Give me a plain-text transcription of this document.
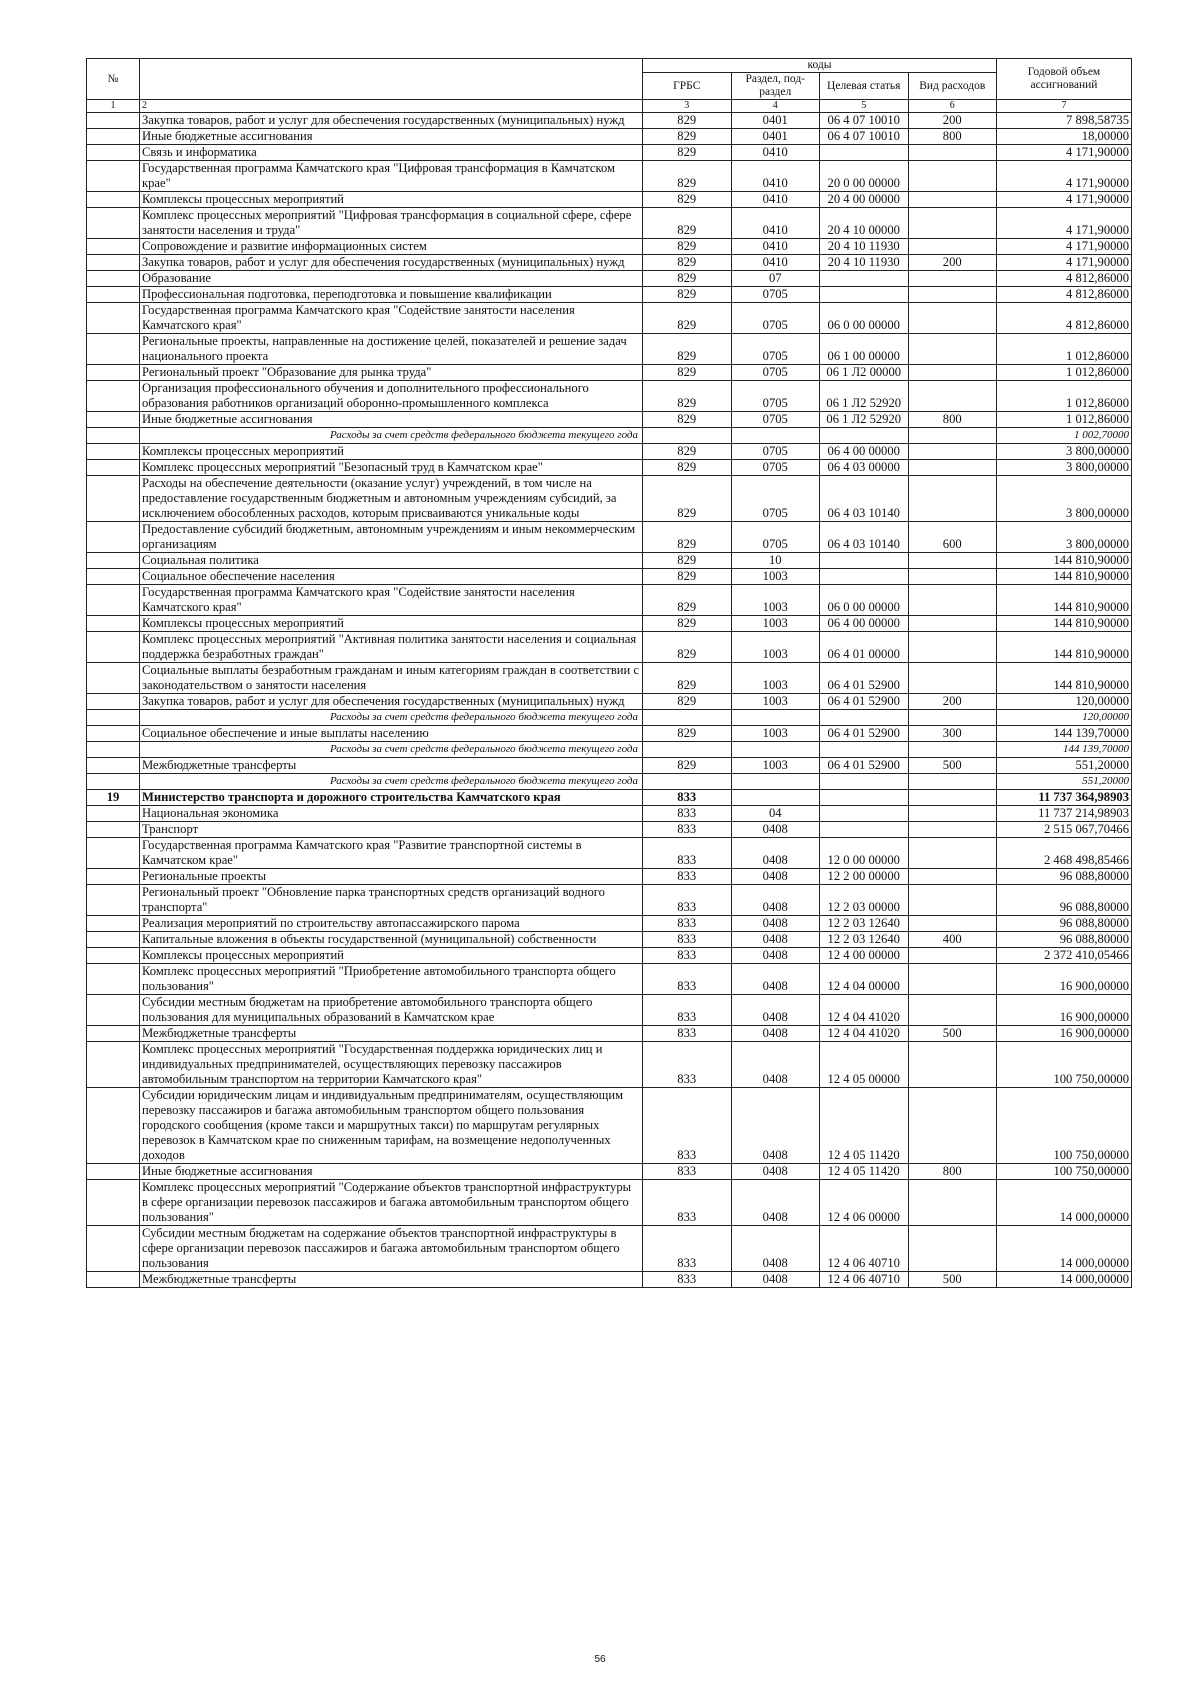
№		коды				Годовой объем ассигнований
		ГРБС	Раздел, под-раздел	Целевая статья	Вид расходов	
1	2	3	4	5	6	7
	Закупка товаров, работ и услуг для обеспечения государственных (муниципальных) нужд	829	0401	06 4 07 10010	200	7 898,58735
	Иные бюджетные ассигнования	829	0401	06 4 07 10010	800	18,00000
	Связь и информатика	829	0410			4 171,90000
	Государственная программа Камчатского края "Цифровая трансформация в Камчатском крае"	829	0410	20 0 00 00000		4 171,90000
	Комплексы процессных мероприятий	829	0410	20 4 00 00000		4 171,90000
	Комплекс процессных мероприятий "Цифровая трансформация в социальной сфере, сфере занятости населения и труда"	829	0410	20 4 10 00000		4 171,90000
	Сопровождение и развитие информационных систем	829	0410	20 4 10 11930		4 171,90000
	Закупка товаров, работ и услуг для обеспечения государственных (муниципальных) нужд	829	0410	20 4 10 11930	200	4 171,90000
	Образование	829	07			4 812,86000
	Профессиональная подготовка, переподготовка и повышение квалификации	829	0705			4 812,86000
	Государственная программа Камчатского края "Содействие занятости населения Камчатского края"	829	0705	06 0 00 00000		4 812,86000
	Региональные проекты, направленные на достижение целей, показателей и решение задач национального проекта	829	0705	06 1 00 00000		1 012,86000
	Региональный проект "Образование для рынка труда"	829	0705	06 1 Л2 00000		1 012,86000
	Организация профессионального обучения и дополнительного профессионального образования работников организаций оборонно-промышленного комплекса	829	0705	06 1 Л2 52920		1 012,86000
	Иные бюджетные ассигнования	829	0705	06 1 Л2 52920	800	1 012,86000
	Расходы за счет средств федерального бюджета текущего года					1 002,70000
	Комплексы процессных мероприятий	829	0705	06 4 00 00000		3 800,00000
	Комплекс процессных мероприятий "Безопасный труд в Камчатском крае"	829	0705	06 4 03 00000		3 800,00000
	Расходы на обеспечение деятельности (оказание услуг) учреждений, в том числе на предоставление государственным бюджетным и автономным учреждениям субсидий, за исключением обособленных расходов, которым присваиваются уникальные коды	829	0705	06 4 03 10140		3 800,00000
	Предоставление субсидий бюджетным, автономным учреждениям и иным некоммерческим организациям	829	0705	06 4 03 10140	600	3 800,00000
	Социальная политика	829	10			144 810,90000
	Социальное обеспечение населения	829	1003			144 810,90000
	Государственная программа Камчатского края "Содействие занятости населения Камчатского края"	829	1003	06 0 00 00000		144 810,90000
	Комплексы процессных мероприятий	829	1003	06 4 00 00000		144 810,90000
	Комплекс процессных мероприятий "Активная политика занятости населения и социальная поддержка безработных граждан"	829	1003	06 4 01 00000		144 810,90000
	Социальные выплаты безработным гражданам и иным категориям граждан в соответствии с законодательством о занятости населения	829	1003	06 4 01 52900		144 810,90000
	Закупка товаров, работ и услуг для обеспечения государственных (муниципальных) нужд	829	1003	06 4 01 52900	200	120,00000
	Расходы за счет средств федерального бюджета текущего года					120,00000
	Социальное обеспечение и иные выплаты населению	829	1003	06 4 01 52900	300	144 139,70000
	Расходы за счет средств федерального бюджета текущего года					144 139,70000
	Межбюджетные трансферты	829	1003	06 4 01 52900	500	551,20000
	Расходы за счет средств федерального бюджета текущего года					551,20000
19	Министерство транспорта и дорожного строительства Камчатского края	833				11 737 364,98903
	Национальная экономика	833	04			11 737 214,98903
	Транспорт	833	0408			2 515 067,70466
	Государственная программа Камчатского края "Развитие транспортной системы в Камчатском крае"	833	0408	12 0 00 00000		2 468 498,85466
	Региональные проекты	833	0408	12 2 00 00000		96 088,80000
	Региональный проект "Обновление парка транспортных средств организаций водного транспорта"	833	0408	12 2 03 00000		96 088,80000
	Реализация мероприятий по строительству автопассажирского парома	833	0408	12 2 03 12640		96 088,80000
	Капитальные вложения в объекты государственной (муниципальной) собственности	833	0408	12 2 03 12640	400	96 088,80000
	Комплексы процессных мероприятий	833	0408	12 4 00 00000		2 372 410,05466
	Комплекс процессных мероприятий "Приобретение автомобильного транспорта общего пользования"	833	0408	12 4 04 00000		16 900,00000
	Субсидии местным бюджетам на приобретение автомобильного транспорта общего пользования для муниципальных образований в Камчатском крае	833	0408	12 4 04 41020		16 900,00000
	Межбюджетные трансферты	833	0408	12 4 04 41020	500	16 900,00000
	Комплекс процессных мероприятий "Государственная поддержка юридических лиц и индивидуальных предпринимателей, осуществляющих перевозку пассажиров автомобильным транспортом на территории Камчатского края"	833	0408	12 4 05 00000		100 750,00000
	Субсидии юридическим лицам и индивидуальным предпринимателям, осуществляющим перевозку пассажиров и багажа автомобильным транспортом общего пользования городского сообщения (кроме такси и маршрутных такси) по маршрутам регулярных перевозок в Камчатском крае по сниженным тарифам, на возмещение недополученных доходов	833	0408	12 4 05 11420		100 750,00000
	Иные бюджетные ассигнования	833	0408	12 4 05 11420	800	100 750,00000
	Комплекс процессных мероприятий "Содержание объектов транспортной инфраструктуры в сфере организации перевозок пассажиров и багажа автомобильным транспортом общего пользования"	833	0408	12 4 06 00000		14 000,00000
	Субсидии местным бюджетам на содержание объектов транспортной инфраструктуры в сфере организации перевозок пассажиров и багажа автомобильным транспортом общего пользования	833	0408	12 4 06 40710		14 000,00000
	Межбюджетные трансферты	833	0408	12 4 06 40710	500	14 000,00000
56
